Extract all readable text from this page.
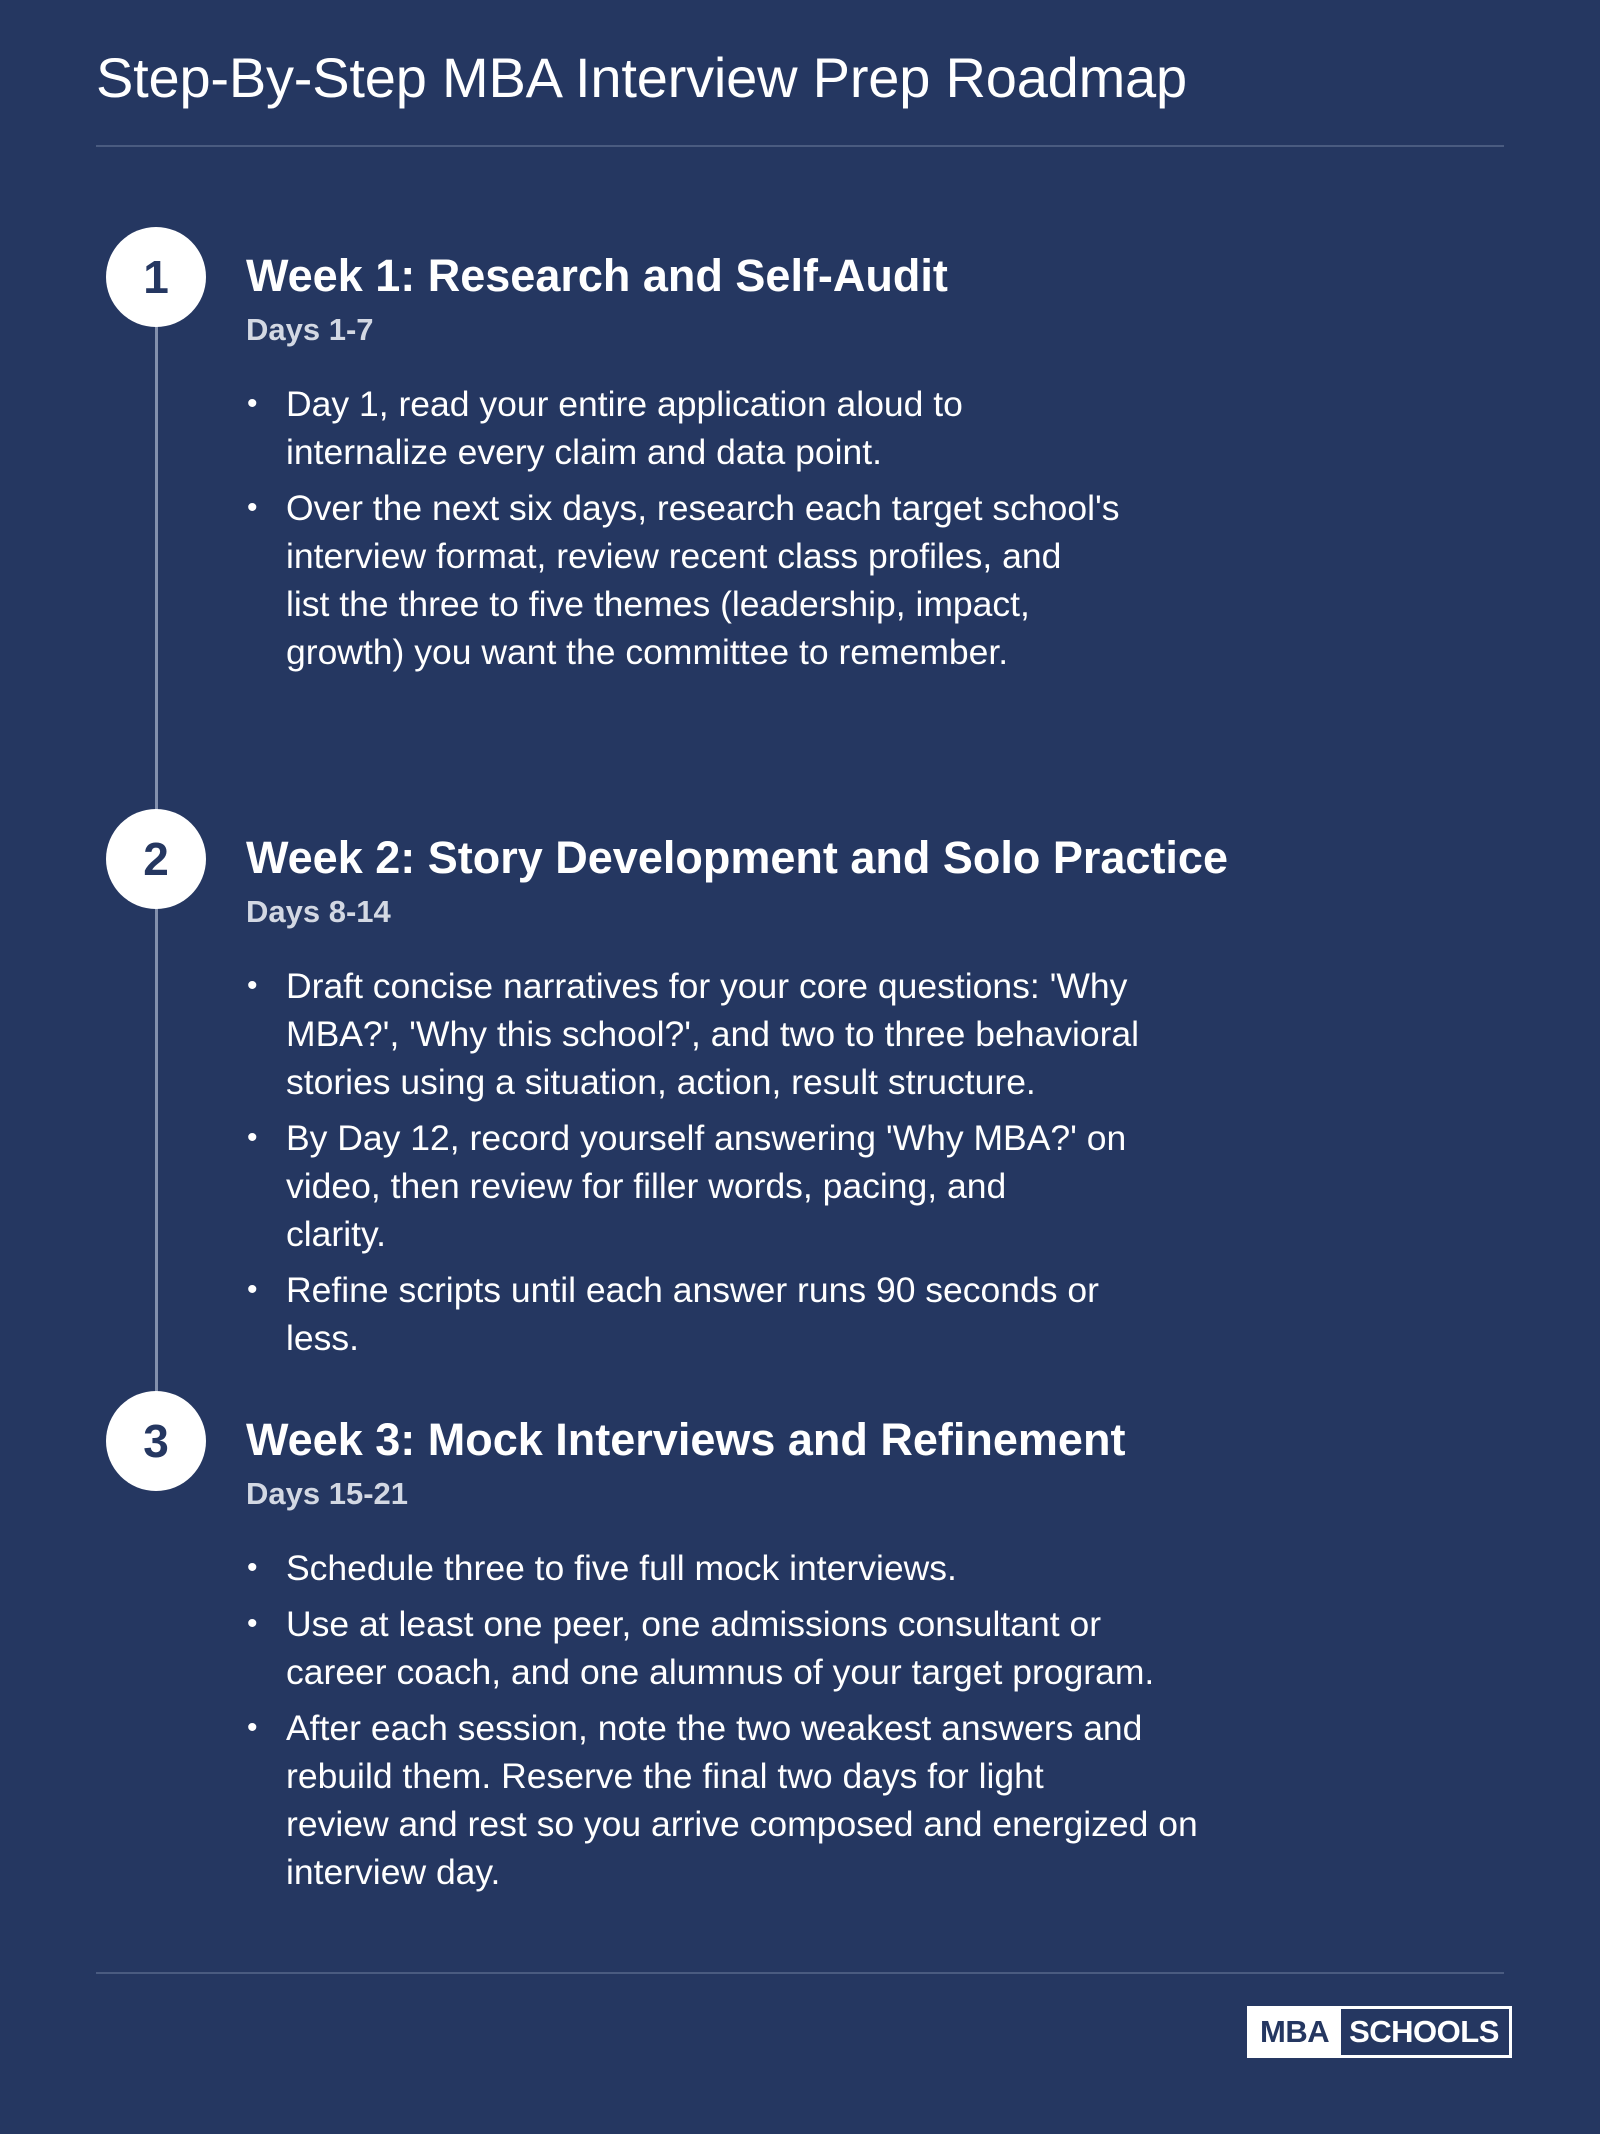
Step-By-Step MBA Interview Prep Roadmap
1	Week 1: Research and Self-Audit
Days 1-7
• Day 1, read your entire application aloud to
internalize every claim and data point.
• Over the next six days, research each target school's
interview format, review recent class profiles, and
list the three to five themes (leadership, impact,
growth) you want the committee to remember.
2	Week 2: Story Development and Solo Practice
Days 8-14
• Draft concise narratives for your core questions: 'Why
MBA?', 'Why this school?', and two to three behavioral
stories using a situation, action, result structure.
• By Day 12, record yourself answering 'Why MBA?' on
video, then review for filler words, pacing, and
clarity.
• Refine scripts until each answer runs 90 seconds or
less.
3	Week 3: Mock Interviews and Refinement
Days 15-21
• Schedule three to five full mock interviews.
• Use at least one peer, one admissions consultant or
career coach, and one alumnus of your target program.
• After each session, note the two weakest answers and
rebuild them. Reserve the final two days for light
review and rest so you arrive composed and energized on
interview day.
MBA SCHOOLS
